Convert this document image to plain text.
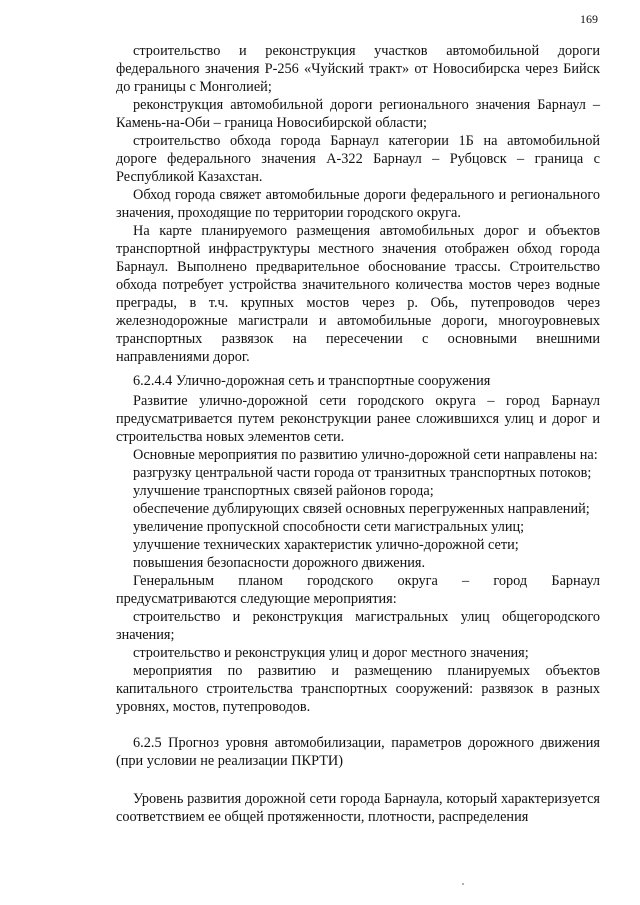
169

строительство и реконструкция участков автомобильной дороги федерального значения Р-256 «Чуйский тракт» от Новосибирска через Бийск до границы с Монголией;

реконструкция автомобильной дороги регионального значения Барнаул – Камень-на-Оби – граница Новосибирской области;

строительство обхода города Барнаул категории 1Б на автомобильной дороге федерального значения А-322 Барнаул – Рубцовск – граница с Республикой Казахстан.

Обход города свяжет автомобильные дороги федерального и регионального значения, проходящие по территории городского округа.

На карте планируемого размещения автомобильных дорог и объектов транспортной инфраструктуры местного значения отображен обход города Барнаул. Выполнено предварительное обоснование трассы. Строительство обхода потребует устройства значительного количества мостов через водные преграды, в т.ч. крупных мостов через р. Обь, путепроводов через железнодорожные магистрали и автомобильные дороги, многоуровневых транспортных развязок на пересечении с основными внешними направлениями дорог.

6.2.4.4 Улично-дорожная сеть и транспортные сооружения

Развитие улично-дорожной сети городского округа – город Барнаул предусматривается путем реконструкции ранее сложившихся улиц и дорог и строительства новых элементов сети.

Основные мероприятия по развитию улично-дорожной сети направлены на:

разгрузку центральной части города от транзитных транспортных потоков;

улучшение транспортных связей районов города;

обеспечение дублирующих связей основных перегруженных направлений;

увеличение пропускной способности сети магистральных улиц;

улучшение технических характеристик улично-дорожной сети;

повышения безопасности дорожного движения.

Генеральным планом городского округа – город Барнаул предусматриваются следующие мероприятия:

строительство и реконструкция магистральных улиц общегородского значения;

строительство и реконструкция улиц и дорог местного значения;

мероприятия по развитию и размещению планируемых объектов капитального строительства транспортных сооружений: развязок в разных уровнях, мостов, путепроводов.

6.2.5 Прогноз уровня автомобилизации, параметров дорожного движения (при условии не реализации ПКРТИ)

Уровень развития дорожной сети города Барнаула, который характеризуется соответствием ее общей протяженности, плотности, распределения
